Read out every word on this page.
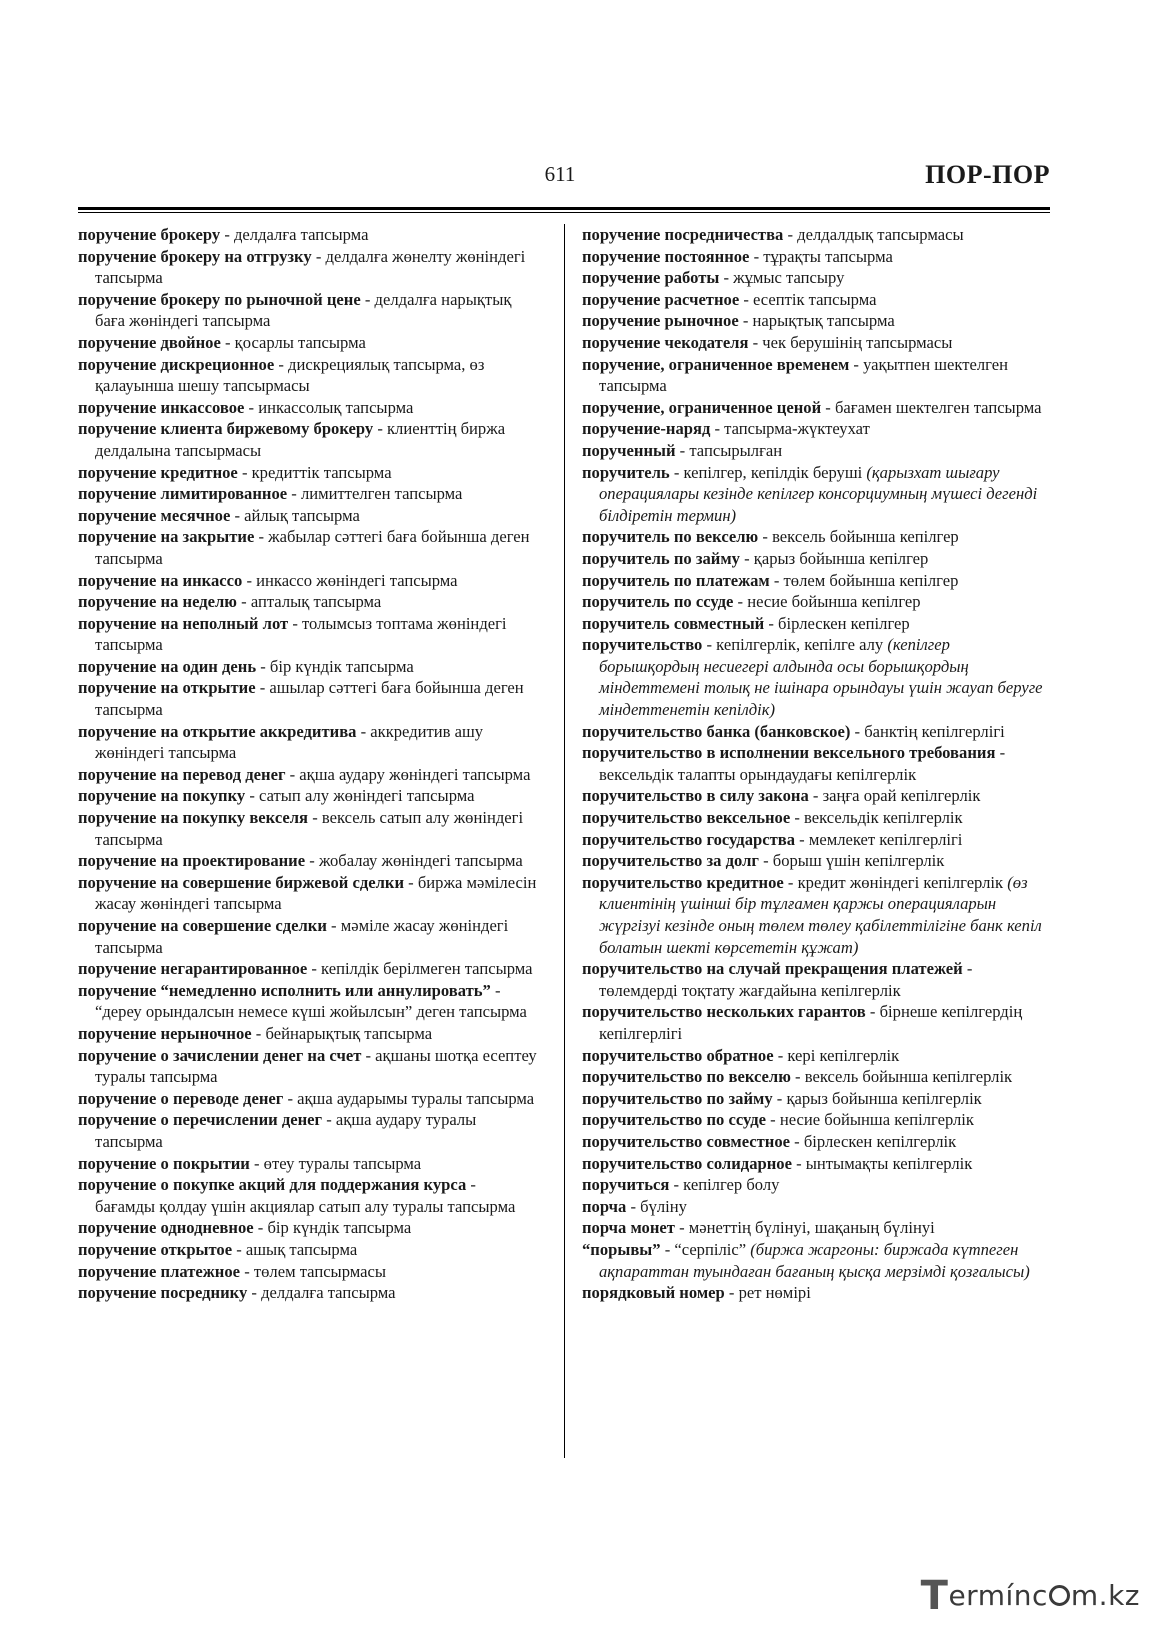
611	ПОР-ПОР

поручение брокеру - делдалға тапсырма

поручение брокеру на отгрузку - делдалға жөнелту жөніндегі тапсырма

поручение брокеру по рыночной цене - делдалға нарықтық баға жөніндегі тапсырма

поручение двойное - қосарлы тапсырма

поручение дискреционное - дискрециялық тапсырма, өз қалауынша шешу тапсырмасы

поручение инкассовое - инкассолық тапсырма

поручение клиента биржевому брокеру - клиенттің биржа делдалына тапсырмасы

поручение кредитное - кредиттік тапсырма

поручение лимитированное - лимиттелген тапсырма

поручение месячное - айлық тапсырма

поручение на закрытие - жабылар сәттегі баға бойынша деген тапсырма

поручение на инкассо - инкассо жөніндегі тапсырма

поручение на неделю - апталық тапсырма

поручение на неполный лот - толымсыз топтама жөніндегі тапсырма

поручение на один день - бір күндік тапсырма

поручение на открытие - ашылар сәттегі баға бойынша деген тапсырма

поручение на открытие аккредитива - аккредитив ашу жөніндегі тапсырма

поручение на перевод денег - ақша аудару жөніндегі тапсырма

поручение на покупку - сатып алу жөніндегі тапсырма

поручение на покупку векселя - вексель сатып алу жөніндегі тапсырма

поручение на проектирование - жобалау жөніндегі тапсырма

поручение на совершение биржевой сделки - биржа мәмілесін жасау жөніндегі тапсырма

поручение на совершение сделки - мәміле жасау жөніндегі тапсырма

поручение негарантированное - кепілдік берілмеген тапсырма

поручение “немедленно исполнить или аннулировать” - “дереу орындалсын немесе күші жойылсын” деген тапсырма

поручение нерыночное - бейнарықтық тапсырма

поручение о зачислении денег на счет - ақшаны шотқа есептеу туралы тапсырма

поручение о переводе денег - ақша аударымы туралы тапсырма

поручение о перечислении денег - ақша аудару туралы тапсырма

поручение о покрытии - өтеу туралы тапсырма

поручение о покупке акций для поддержания курса - бағамды қолдау үшін акциялар сатып алу туралы тапсырма

поручение однодневное - бір күндік тапсырма

поручение открытое - ашық тапсырма

поручение платежное - төлем тапсырмасы

поручение посреднику - делдалға тапсырма

поручение посредничества - делдалдық тапсырмасы

поручение постоянное - тұрақты тапсырма

поручение работы - жұмыс тапсыру

поручение расчетное - есептік тапсырма

поручение рыночное - нарықтық тапсырма

поручение чекодателя - чек берушінің тапсырмасы

поручение, ограниченное временем - уақытпен шектелген тапсырма

поручение, ограниченное ценой - бағамен шектелген тапсырма

поручение-наряд - тапсырма-жүктеухат

порученный - тапсырылған

поручитель - кепілгер, кепілдік беруші (қарызхат шығару операциялары кезінде кепілгер консорциумның мүшесі дегенді білдіретін термин)

поручитель по векселю - вексель бойынша кепілгер

поручитель по займу - қарыз бойынша кепілгер

поручитель по платежам - төлем бойынша кепілгер

поручитель по ссуде - несие бойынша кепілгер

поручитель совместный - бірлескен кепілгер

поручительство - кепілгерлік, кепілге алу (кепілгер борышқордың несиегері алдында осы борышқордың міндеттемені толық не ішінара орындауы үшін жауап беруге міндеттенетін кепілдік)

поручительство банка (банковское) - банктің кепілгерлігі

поручительство в исполнении вексельного требования - вексельдік талапты орындаудағы кепілгерлік

поручительство в силу закона - заңға орай кепілгерлік

поручительство вексельное - вексельдік кепілгерлік

поручительство государства - мемлекет кепілгерлігі

поручительство за долг - борыш үшін кепілгерлік

поручительство кредитное - кредит жөніндегі кепілгерлік (өз клиентінің үшінші бір тұлғамен қаржы операцияларын жүргізуі кезінде оның төлем төлеу қабілеттілігіне банк кепіл болатын шекті көрсететін құжат)

поручительство на случай прекращения платежей - төлемдерді тоқтату жағдайына кепілгерлік

поручительство нескольких гарантов - бірнеше кепілгердің кепілгерлігі

поручительство обратное - кері кепілгерлік

поручительство по векселю - вексель бойынша кепілгерлік

поручительство по займу - қарыз бойынша кепілгерлік

поручительство по ссуде - несие бойынша кепілгерлік

поручительство совместное - бірлескен кепілгерлік

поручительство солидарное - ынтымақты кепілгерлік

поручиться - кепілгер болу

порча - бүліну

порча монет - мәнеттің бүлінуі, шақаның бүлінуі

“порывы” - “серпіліс” (биржа жаргоны: биржада күтпеген ақпараттан туындаған бағаның қысқа мерзімді қозғалысы)

порядковый номер - рет нөмірі

Termínc m.kz
